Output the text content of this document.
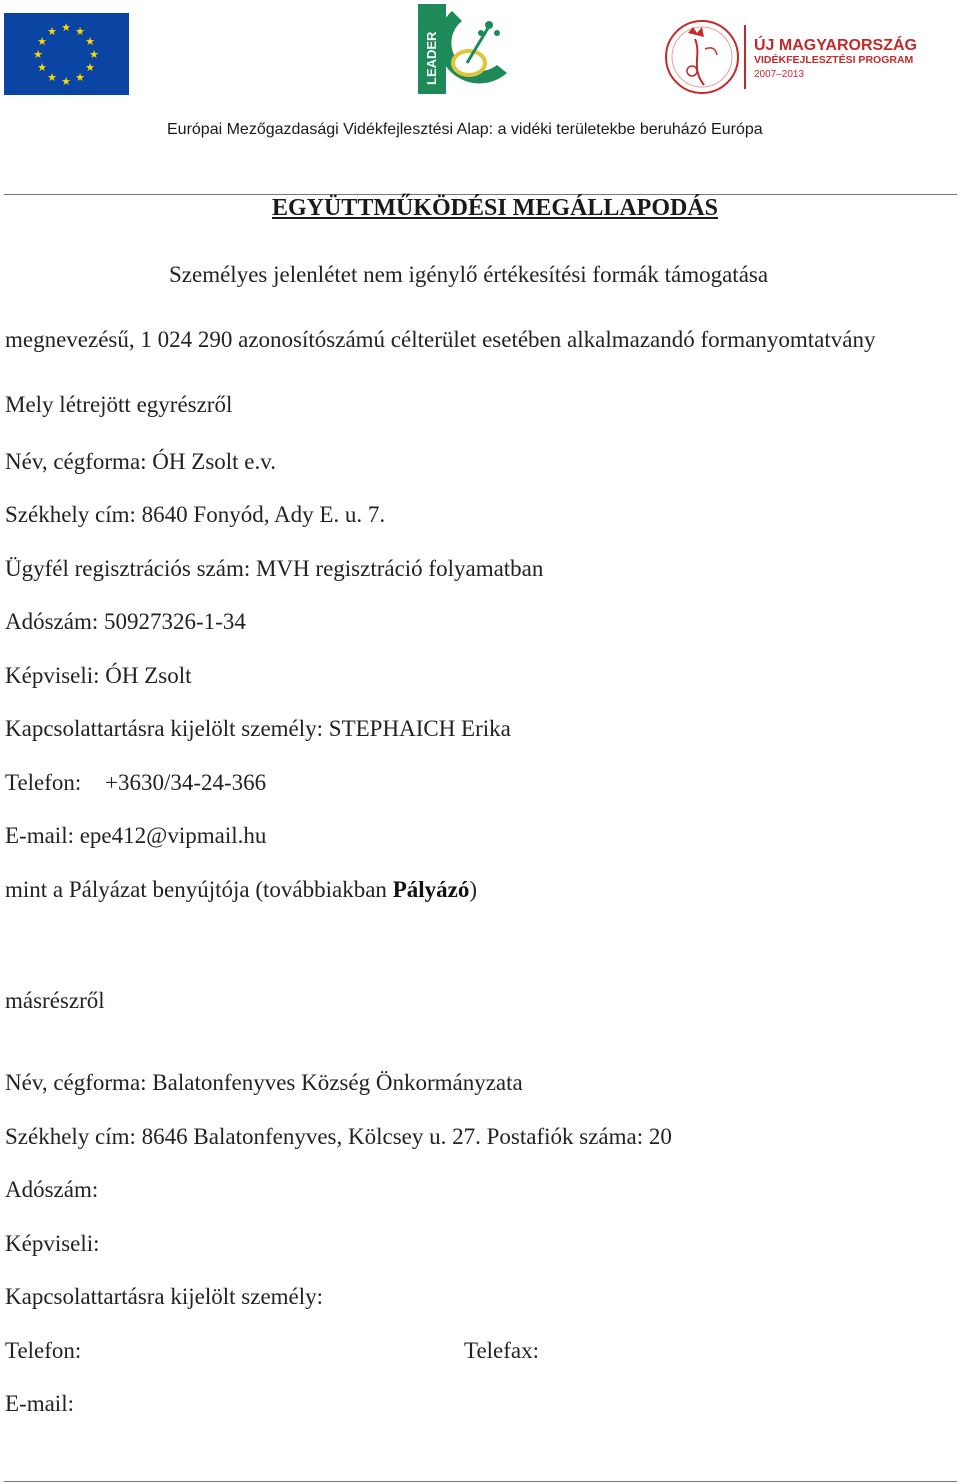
★ ★
★
★
★
★
★
★
★
★
★
★
LEADER	ÚJ MAGYARORSZÁG
VIDÉKFEJLESZTÉSI PROGRAM
2007–2013
Európai Mezőgazdasági Vidékfejlesztési Alap: a vidéki területekbe beruházó Európa
EGYÜTTMŰKÖDÉSI MEGÁLLAPODÁS
Személyes jelenlétet nem igénylő értékesítési formák támogatása
megnevezésű, 1 024 290 azonosítószámú célterület esetében alkalmazandó formanyomtatvány
Mely létrejött egyrészről
Név, cégforma: ÓH Zsolt e.v.
Székhely cím: 8640 Fonyód, Ady E. u. 7.
Ügyfél regisztrációs szám: MVH regisztráció folyamatban
Adószám: 50927326-1-34
Képviseli: ÓH Zsolt
Kapcsolattartásra kijelölt személy: STEPHAICH Erika
Telefon: +3630/34-24-366
E-mail: epe412@vipmail.hu
mint a Pályázat benyújtója (továbbiakban Pályázó)
másrészről
Név, cégforma: Balatonfenyves Község Önkormányzata
Székhely cím: 8646 Balatonfenyves, Kölcsey u. 27. Postafiók száma: 20
Adószám:
Képviseli:
Kapcsolattartásra kijelölt személy:
Telefon:	Telefax:
E-mail:
